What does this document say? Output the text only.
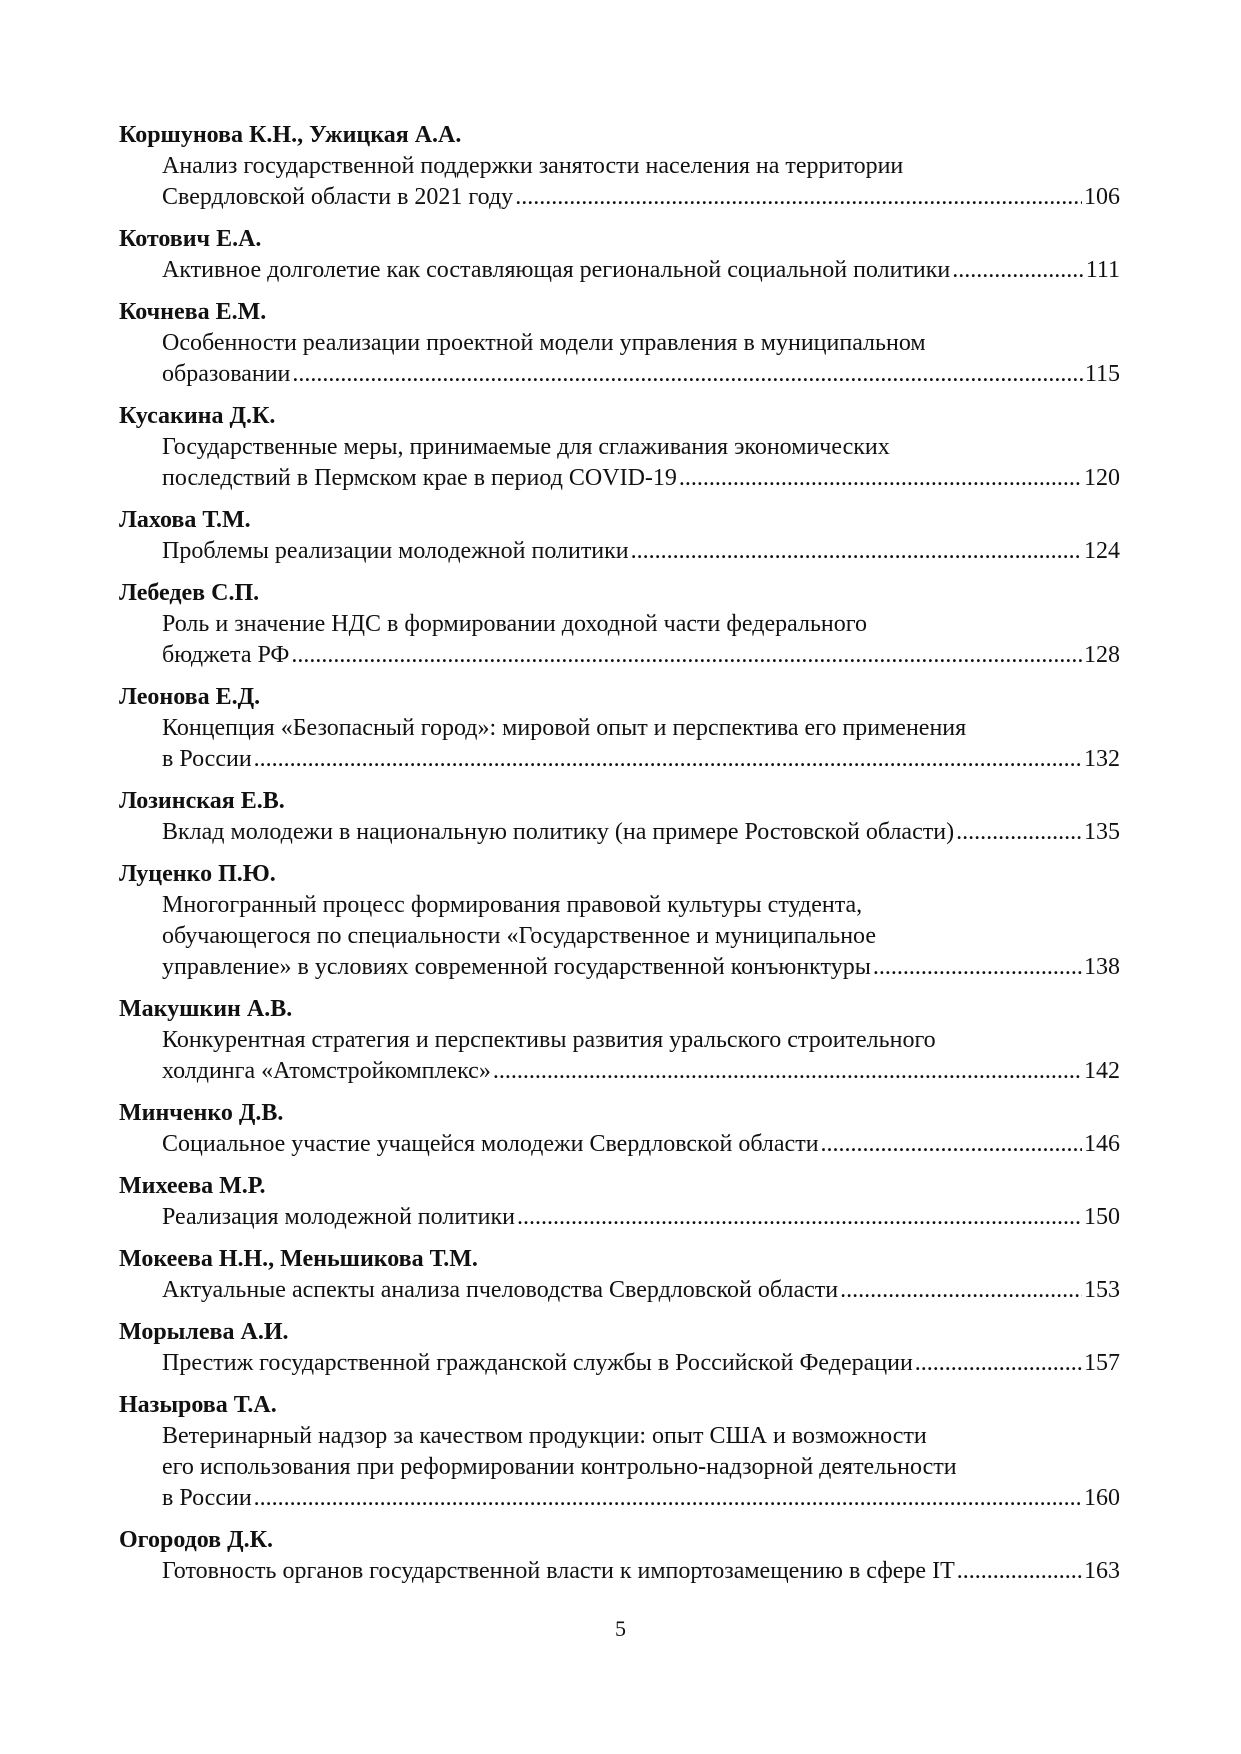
Коршунова К.Н., Ужицкая А.А.
Анализ государственной поддержки занятости населения на территории
Свердловской области в 2021 году .....	106
Котович Е.А.
Активное долголетие как составляющая региональной социальной политики .....	111
Кочнева Е.М.
Особенности реализации проектной модели управления в муниципальном
образовании .....	115
Кусакина Д.К.
Государственные меры, принимаемые для сглаживания экономических
последствий в Пермском крае в период COVID-19 .....	120
Лахова Т.М.
Проблемы реализации молодежной политики .....	124
Лебедев С.П.
Роль и значение НДС в формировании доходной части федерального
бюджета РФ .....	128
Леонова Е.Д.
Концепция «Безопасный город»: мировой опыт и перспектива его применения
в России .....	132
Лозинская Е.В.
Вклад молодежи в национальную политику (на примере Ростовской области) .....	135
Луценко П.Ю.
Многогранный процесс формирования правовой культуры студента,
обучающегося по специальности «Государственное и муниципальное
управление» в условиях современной государственной конъюнктуры .....	138
Макушкин А.В.
Конкурентная стратегия и перспективы развития уральского строительного
холдинга «Атомстройкомплекс» .....	142
Минченко Д.В.
Социальное участие учащейся молодежи Свердловской области .....	146
Михеева М.Р.
Реализация молодежной политики .....	150
Мокеева Н.Н., Меньшикова Т.М.
Актуальные аспекты анализа пчеловодства Свердловской области .....	153
Морылева А.И.
Престиж государственной гражданской службы в Российской Федерации .....	157
Назырова Т.А.
Ветеринарный надзор за качеством продукции: опыт США и возможности
его использования при реформировании контрольно-надзорной деятельности
в России .....	160
Огородов Д.К.
Готовность органов государственной власти к импортозамещению в сфере IT .....	163
5
